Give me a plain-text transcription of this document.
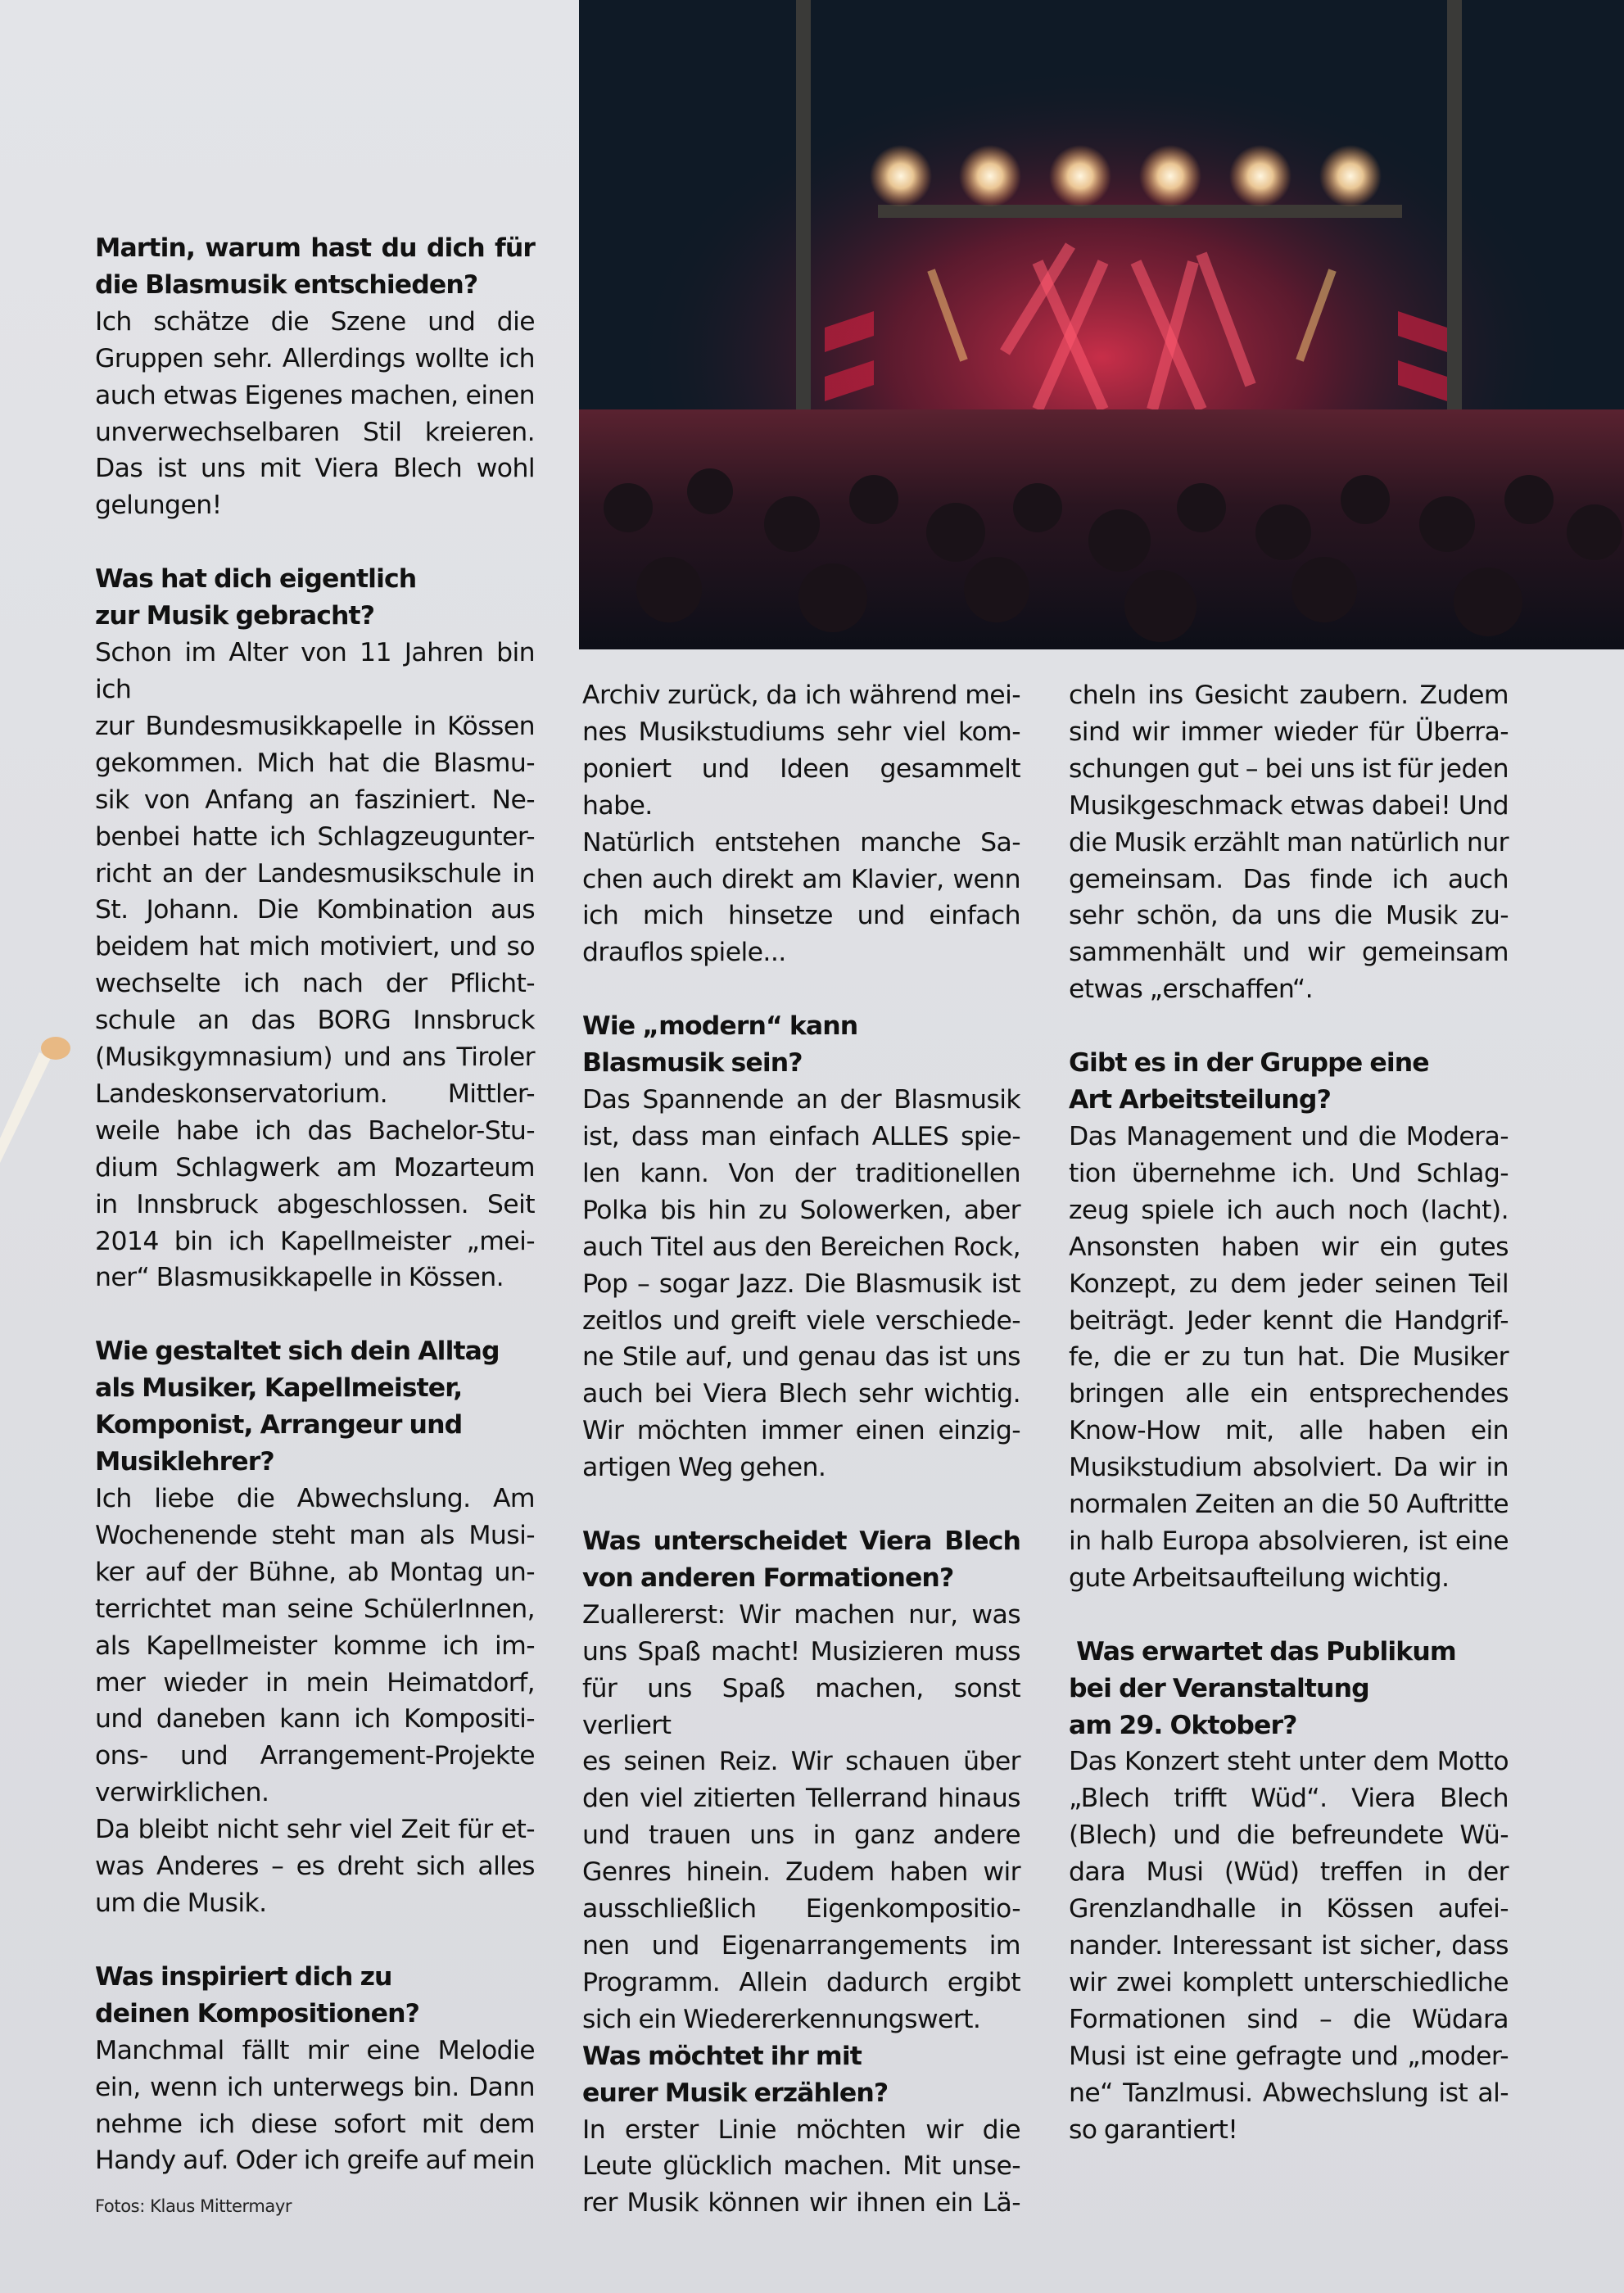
Martin, warum hast du dich für
die Blasmusik entschieden?

Ich schätze die Szene und die
Gruppen sehr. Allerdings wollte ich
auch etwas Eigenes machen, einen
unverwechselbaren Stil kreieren.
Das ist uns mit Viera Blech wohl
gelungen!

Was hat dich eigentlich
zur Musik gebracht?

Schon im Alter von 11 Jahren bin ich
zur Bundesmusikkapelle in Kössen
gekommen. Mich hat die Blasmu-
sik von Anfang an fasziniert. Ne-
benbei hatte ich Schlagzeugunter-
richt an der Landesmusikschule in
St. Johann. Die Kombination aus
beidem hat mich motiviert, und so
wechselte ich nach der Pflicht-
schule an das BORG Innsbruck
(Musikgymnasium) und ans Tiroler
Landeskonservatorium. Mittler-
weile habe ich das Bachelor-Stu-
dium Schlagwerk am Mozarteum
in Innsbruck abgeschlossen. Seit
2014 bin ich Kapellmeister „mei-
ner“ Blasmusikkapelle in Kössen.

Wie gestaltet sich dein Alltag
als Musiker, Kapellmeister,
Komponist, Arrangeur und
Musiklehrer?

Ich liebe die Abwechslung. Am
Wochenende steht man als Musi-
ker auf der Bühne, ab Montag un-
terrichtet man seine SchülerInnen,
als Kapellmeister komme ich im-
mer wieder in mein Heimatdorf,
und daneben kann ich Kompositi-
ons- und Arrangement-Projekte
verwirklichen.
Da bleibt nicht sehr viel Zeit für et-
was Anderes – es dreht sich alles
um die Musik.

Was inspiriert dich zu
deinen Kompositionen?

Manchmal fällt mir eine Melodie
ein, wenn ich unterwegs bin. Dann
nehme ich diese sofort mit dem
Handy auf. Oder ich greife auf mein

Archiv zurück, da ich während mei-
nes Musikstudiums sehr viel kom-
poniert und Ideen gesammelt habe.
Natürlich entstehen manche Sa-
chen auch direkt am Klavier, wenn
ich mich hinsetze und einfach
drauflos spiele...

Wie „modern“ kann
Blasmusik sein?

Das Spannende an der Blasmusik
ist, dass man einfach ALLES spie-
len kann. Von der traditionellen
Polka bis hin zu Solowerken, aber
auch Titel aus den Bereichen Rock,
Pop – sogar Jazz. Die Blasmusik ist
zeitlos und greift viele verschiede-
ne Stile auf, und genau das ist uns
auch bei Viera Blech sehr wichtig.
Wir möchten immer einen einzig-
artigen Weg gehen.

Was unterscheidet Viera Blech
von anderen Formationen?

Zuallererst: Wir machen nur, was
uns Spaß macht! Musizieren muss
für uns Spaß machen, sonst verliert
es seinen Reiz. Wir schauen über
den viel zitierten Tellerrand hinaus
und trauen uns in ganz andere
Genres hinein. Zudem haben wir
ausschließlich Eigenkompositio-
nen und Eigenarrangements im
Programm. Allein dadurch ergibt
sich ein Wiedererkennungswert.

Was möchtet ihr mit
eurer Musik erzählen?

In erster Linie möchten wir die
Leute glücklich machen. Mit unse-
rer Musik können wir ihnen ein Lä-

cheln ins Gesicht zaubern. Zudem
sind wir immer wieder für Überra-
schungen gut – bei uns ist für jeden
Musikgeschmack etwas dabei! Und
die Musik erzählt man natürlich nur
gemeinsam. Das finde ich auch
sehr schön, da uns die Musik zu-
sammenhält und wir gemeinsam
etwas „erschaffen“.

Gibt es in der Gruppe eine
Art Arbeitsteilung?

Das Management und die Modera-
tion übernehme ich. Und Schlag-
zeug spiele ich auch noch (lacht).
Ansonsten haben wir ein gutes
Konzept, zu dem jeder seinen Teil
beiträgt. Jeder kennt die Handgrif-
fe, die er zu tun hat. Die Musiker
bringen alle ein entsprechendes
Know-How mit, alle haben ein
Musikstudium absolviert. Da wir in
normalen Zeiten an die 50 Auftritte
in halb Europa absolvieren, ist eine
gute Arbeitsaufteilung wichtig.

Was erwartet das Publikum
bei der Veranstaltung
am 29. Oktober?

Das Konzert steht unter dem Motto
„Blech trifft Wüd“. Viera Blech
(Blech) und die befreundete Wü-
dara Musi (Wüd) treffen in der
Grenzlandhalle in Kössen aufei-
nander. Interessant ist sicher, dass
wir zwei komplett unterschiedliche
Formationen sind – die Wüdara
Musi ist eine gefragte und „moder-
ne“ Tanzlmusi. Abwechslung ist al-
so garantiert!

Fotos: Klaus Mittermayr
